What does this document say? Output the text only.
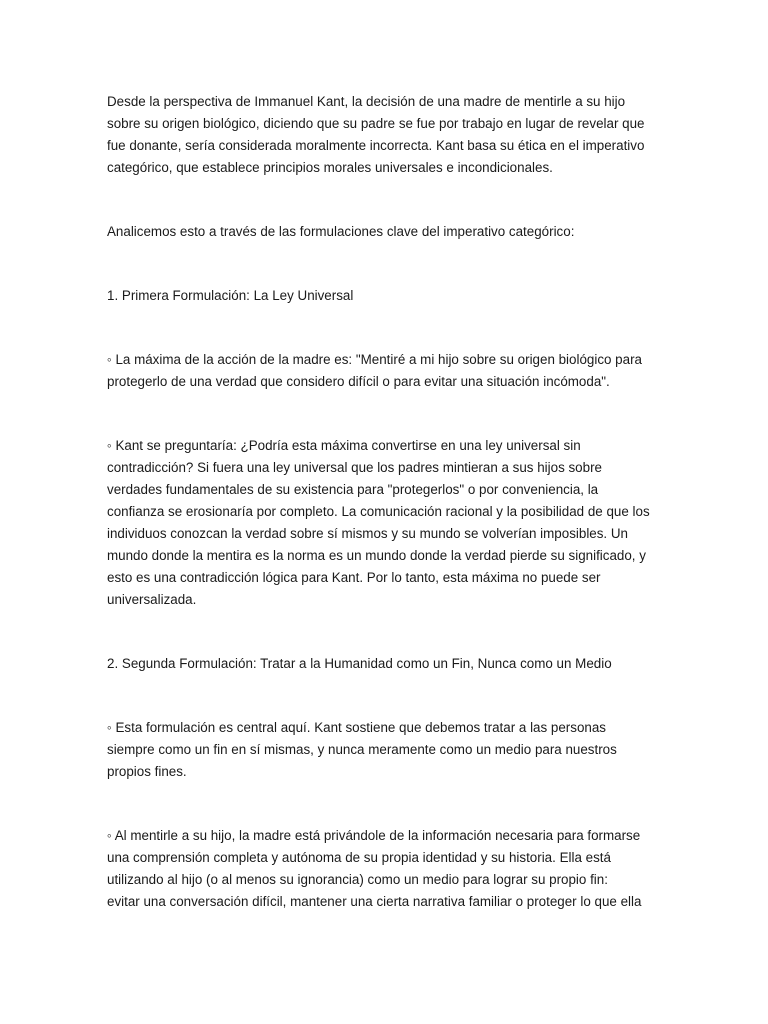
Desde la perspectiva de Immanuel Kant, la decisión de una madre de mentirle a su hijo
sobre su origen biológico, diciendo que su padre se fue por trabajo en lugar de revelar que
fue donante, sería considerada moralmente incorrecta. Kant basa su ética en el imperativo
categórico, que establece principios morales universales e incondicionales.

Analicemos esto a través de las formulaciones clave del imperativo categórico:

1. Primera Formulación: La Ley Universal

◦ La máxima de la acción de la madre es: "Mentiré a mi hijo sobre su origen biológico para
protegerlo de una verdad que considero difícil o para evitar una situación incómoda".

◦ Kant se preguntaría: ¿Podría esta máxima convertirse en una ley universal sin
contradicción? Si fuera una ley universal que los padres mintieran a sus hijos sobre
verdades fundamentales de su existencia para "protegerlos" o por conveniencia, la
confianza se erosionaría por completo. La comunicación racional y la posibilidad de que los
individuos conozcan la verdad sobre sí mismos y su mundo se volverían imposibles. Un
mundo donde la mentira es la norma es un mundo donde la verdad pierde su significado, y
esto es una contradicción lógica para Kant. Por lo tanto, esta máxima no puede ser
universalizada.

2. Segunda Formulación: Tratar a la Humanidad como un Fin, Nunca como un Medio

◦ Esta formulación es central aquí. Kant sostiene que debemos tratar a las personas
siempre como un fin en sí mismas, y nunca meramente como un medio para nuestros
propios fines.

◦ Al mentirle a su hijo, la madre está privándole de la información necesaria para formarse
una comprensión completa y autónoma de su propia identidad y su historia. Ella está
utilizando al hijo (o al menos su ignorancia) como un medio para lograr su propio fin:
evitar una conversación difícil, mantener una cierta narrativa familiar o proteger lo que ella
